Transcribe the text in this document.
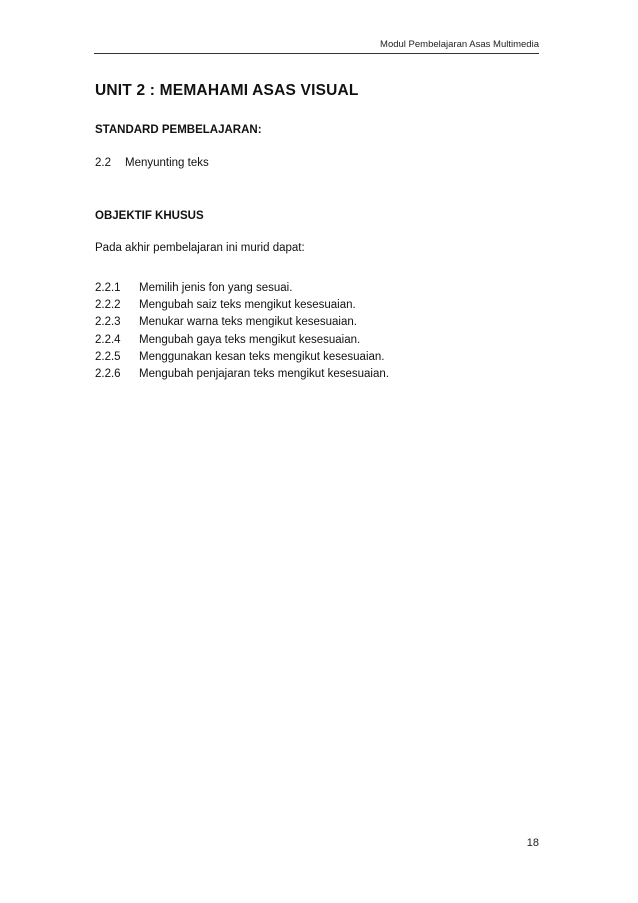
Modul Pembelajaran Asas Multimedia
UNIT 2 : MEMAHAMI ASAS VISUAL
STANDARD PEMBELAJARAN:
2.2 Menyunting teks
OBJEKTIF KHUSUS
Pada akhir pembelajaran ini murid dapat:
2.2.1 Memilih jenis fon yang sesuai.
2.2.2 Mengubah saiz teks mengikut kesesuaian.
2.2.3 Menukar warna teks mengikut kesesuaian.
2.2.4 Mengubah gaya teks mengikut kesesuaian.
2.2.5 Menggunakan kesan teks mengikut kesesuaian.
2.2.6 Mengubah penjajaran teks mengikut kesesuaian.
18
